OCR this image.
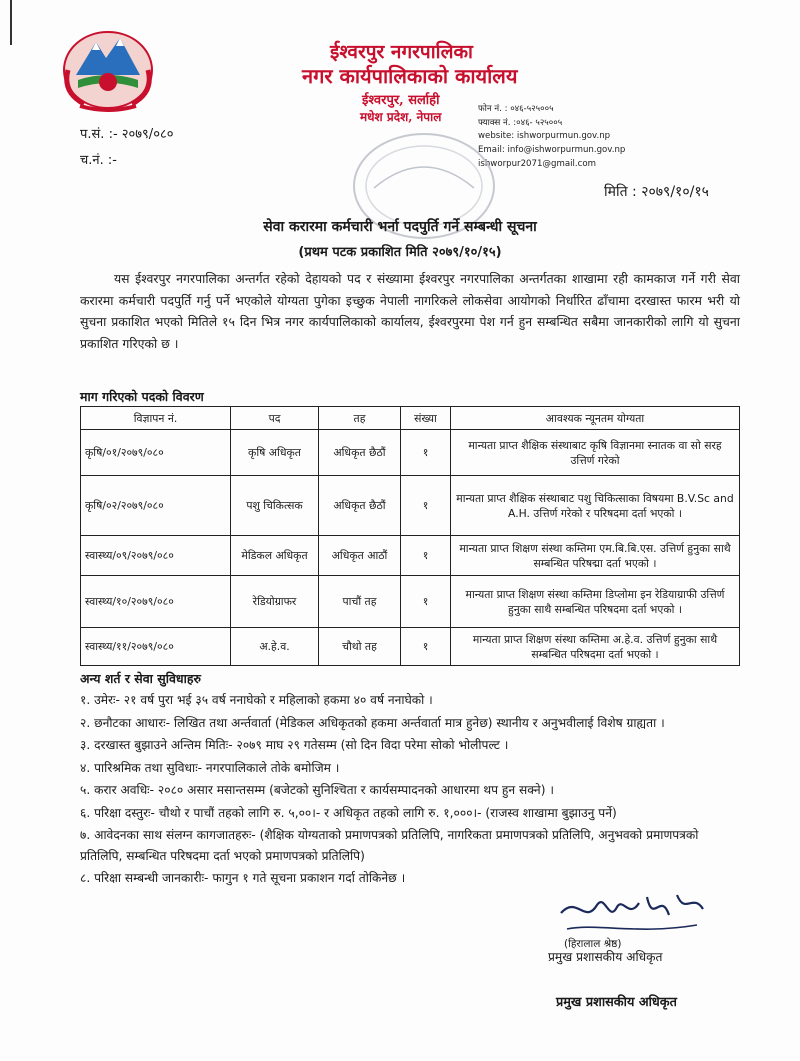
ईश्वरपुर नगरपालिका
नगर कार्यपालिकाको कार्यालय
ईश्वरपुर, सर्लाही
मधेश प्रदेश, नेपाल
फोन नं. : ०४६-५२५००५
फ्याक्स नं. :०४६- ५२५००५
website: ishworpurmun.gov.np
Email: info@ishworpurmun.gov.np
ishworpur2071@gmail.com
प.सं. :- २०७९/०८०
च.नं. :-
मिति : २०७९/१०/१५
सेवा करारमा कर्मचारी भर्ना पदपुर्ति गर्ने सम्बन्धी सूचना
(प्रथम पटक प्रकाशित मिति २०७९/१०/१५)
यस ईश्वरपुर नगरपालिका अन्तर्गत रहेको देहायको पद र संख्यामा ईश्वरपुर नगरपालिका अन्तर्गतका शाखामा रही कामकाज गर्ने गरी सेवा करारमा कर्मचारी पदपुर्ति गर्नु पर्ने भएकोले योग्यता पुगेका इच्छुक नेपाली नागरिकले लोकसेवा आयोगको निर्धारित ढाँचामा दरखास्त फारम भरी यो सुचना प्रकाशित भएको मितिले १५ दिन भित्र नगर कार्यपालिकाको कार्यालय, ईश्वरपुरमा पेश गर्न हुन सम्बन्धित सबैमा जानकारीको लागि यो सुचना प्रकाशित गरिएको छ ।
माग गरिएको पदको विवरण
विज्ञापन नं.	पद	तह	संख्या	आवश्यक न्यूनतम योग्यता
कृषि/०१/२०७९/०८०	कृषि अधिकृत	अधिकृत छैठौं	१	मान्यता प्राप्त शैक्षिक संस्थाबाट कृषि विज्ञानमा स्नातक वा सो सरह उत्तिर्ण गरेको
कृषि/०२/२०७९/०८०	पशु चिकित्सक	अधिकृत छैठौं	१	मान्यता प्राप्त शैक्षिक संस्थाबाट पशु चिकित्साका विषयमा B.V.Sc and A.H. उत्तिर्ण गरेको र परिषदमा दर्ता भएको ।
स्वास्थ्य/०९/२०७९/०८०	मेडिकल अधिकृत	अधिकृत आठौं	१	मान्यता प्राप्त शिक्षण संस्था कम्तिमा एम.बि.बि.एस. उत्तिर्ण हुनुका साथै सम्बन्धित परिषद्मा दर्ता भएको ।
स्वास्थ्य/१०/२०७९/०८०	रेडियोग्राफर	पाचौं तह	१	मान्यता प्राप्त शिक्षण संस्था कम्तिमा डिप्लोमा इन रेडियाग्राफी उत्तिर्ण हुनुका साथै सम्बन्धित परिषदमा दर्ता भएको ।
स्वास्थ्य/११/२०७९/०८०	अ.हे.व.	चौथो तह	१	मान्यता प्राप्त शिक्षण संस्था कम्तिमा अ.हे.व. उत्तिर्ण हुनुका साथै सम्बन्धित परिषदमा दर्ता भएको ।
अन्य शर्त र सेवा सुविधाहरु
१. उमेरः- २१ वर्ष पुरा भई ३५ वर्ष ननाघेको र महिलाको हकमा ४० वर्ष ननाघेको ।
२. छनौटका आधारः- लिखित तथा अर्न्तवार्ता (मेडिकल अधिकृतको हकमा अर्न्तवार्ता मात्र हुनेछ) स्थानीय र अनुभवीलाई विशेष ग्राह्यता ।
३. दरखास्त बुझाउने अन्तिम मितिः- २०७९ माघ २९ गतेसम्म (सो दिन विदा परेमा सोको भोलीपल्ट ।
४. पारिश्रमिक तथा सुविधाः- नगरपालिकाले तोके बमोजिम ।
५. करार अवधिः- २०८० असार मसान्तसम्म (बजेटको सुनिश्चिता र कार्यसम्पादनको आधारमा थप हुन सक्ने) ।
६. परिक्षा दस्तुरः- चौथो र पाचौं तहको लागि रु. ५,००।- र अधिकृत तहको लागि रु. १,०००।- (राजस्व शाखामा बुझाउनु पर्ने)
७. आवेदनका साथ संलग्न कागजातहरुः- (शैक्षिक योग्यताको प्रमाणपत्रको प्रतिलिपि, नागरिकता प्रमाणपत्रको प्रतिलिपि, अनुभवको प्रमाणपत्रको प्रतिलिपि, सम्बन्धित परिषदमा दर्ता भएको प्रमाणपत्रको प्रतिलिपि)
८. परिक्षा सम्बन्धी जानकारीः- फागुन १ गते सूचना प्रकाशन गर्दा तोकिनेछ ।
(हिरालाल श्रेष्ठ)
प्रमुख प्रशासकीय अधिकृत
प्रमुख प्रशासकीय अधिकृत
